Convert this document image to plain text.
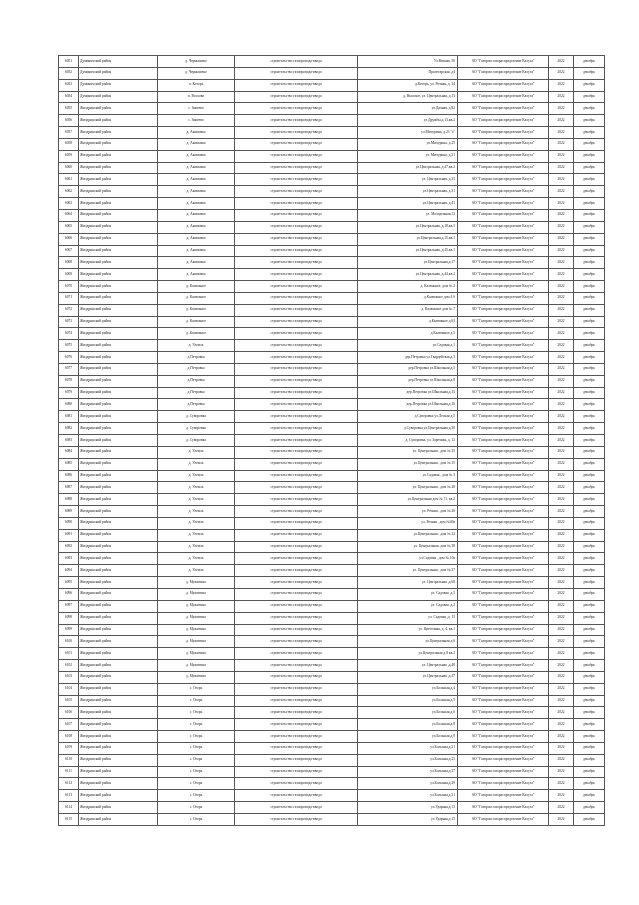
6051	Думиничский район	д. Чернышено	строительство газопровода-ввода	Ул.Вишни, 50	АО "Газпром газораспределение Калуга"	2022	декабрь
6052	Думиничский район	д. Чернышено	строительство газопровода-ввода	Пролетарская ,д4	АО "Газпром газораспределение Калуга"	2022	декабрь
6053	Думиничский район	п. Которь	строительство газопровода-ввода	д.Которь, ул. Речная, д. 34	АО "Газпром газораспределение Калуга"	2022	декабрь
6054	Думиничский район	п. Восхово	строительство газопровода-ввода	д. Высокое, ул. Центральная, д.13	АО "Газпром газораспределение Калуга"	2022	декабрь
6055	Жиздринский район	с. Зикеево	строительство газопровода-ввода	ул.Дачная, д.82	АО "Газпром газораспределение Калуга"	2022	декабрь
6056	Жиздринский район	с. Зикеево	строительство газопровода-ввода	ул.Дружбы,д.13,кв.2	АО "Газпром газораспределение Калуга"	2022	декабрь
6057	Жиздринский район	д. Акимовка	строительство газопровода-ввода	ул.Мичурина, д.23 "а"	АО "Газпром газораспределение Калуга"	2022	декабрь
6058	Жиздринский район	д. Акимовка	строительство газопровода-ввода	ул.Мичурина, д.25	АО "Газпром газораспределение Калуга"	2022	декабрь
6059	Жиздринский район	д. Акимовка	строительство газопровода-ввода	ул. Мичурина, д.31	АО "Газпром газораспределение Калуга"	2022	декабрь
6060	Жиздринский район	д. Акимовка	строительство газопровода-ввода	ул.Центральная, д.47,кв.2	АО "Газпром газораспределение Калуга"	2022	декабрь
6061	Жиздринский район	д. Акимовка	строительство газопровода-ввода	ул. Центральная, д.33	АО "Газпром газораспределение Калуга"	2022	декабрь
6062	Жиздринский район	д. Акимовка	строительство газопровода-ввода	ул.Центральная, д.31	АО "Газпром газораспределение Калуга"	2022	декабрь
6063	Жиздринский район	д. Акимовка	строительство газопровода-ввода	ул.Центральная, д.41	АО "Газпром газораспределение Калуга"	2022	декабрь
6064	Жиздринский район	д. Акимовка	строительство газопровода-ввода	ул. Молодежная,13	АО "Газпром газораспределение Калуга"	2022	декабрь
6065	Жиздринский район	д. Акимовка	строительство газопровода-ввода	ул.Центральная, д.18,кв.3	АО "Газпром газораспределение Калуга"	2022	декабрь
6066	Жиздринский район	д. Акимовка	строительство газопровода-ввода	ул.Центральная,д.15,кв.1	АО "Газпром газораспределение Калуга"	2022	декабрь
6067	Жиздринский район	д. Акимовка	строительство газопровода-ввода	ул.Центральная, д.45,кв.1	АО "Газпром газораспределение Калуга"	2022	декабрь
6068	Жиздринский район	д. Акимовка	строительство газопровода-ввода	ул.Центральная,д.17	АО "Газпром газораспределение Калуга"	2022	декабрь
6069	Жиздринский район	д. Акимовка	строительство газопровода-ввода	ул.Центральная, д.44,кв.2	АО "Газпром газораспределение Калуга"	2022	декабрь
6070	Жиздринский район	д. Калюжное	строительство газопровода-ввода	д. Калюжное, дом № 2	АО "Газпром газораспределение Калуга"	2022	декабрь
6071	Жиздринский район	д. Калюжное	строительство газопровода-ввода	д.Калюжное дом 4 б	АО "Газпром газораспределение Калуга"	2022	декабрь
6072	Жиздринский район	д. Калюжное	строительство газопровода-ввода	д. Калюжное дом № 7	АО "Газпром газораспределение Калуга"	2022	декабрь
6073	Жиздринский район	д. Калюжное	строительство газопровода-ввода	д.Калюжное д.63	АО "Газпром газораспределение Калуга"	2022	декабрь
6074	Жиздринский район	д. Калюжное	строительство газопровода-ввода	д.Калюжное д.5	АО "Газпром газораспределение Калуга"	2022	декабрь
6075	Жиздринский район	д. Улемль	строительство газопровода-ввода	ул.Садовая д.1	АО "Газпром газораспределение Калуга"	2022	декабрь
6076	Жиздринский район	д.Петровка	строительство газопровода-ввода	дер.Петровка ул.Гвардейская,д.1	АО "Газпром газораспределение Калуга"	2022	декабрь
6077	Жиздринский район	д.Петровка	строительство газопровода-ввода	дер.Петровка ул.Школьная,д.3	АО "Газпром газораспределение Калуга"	2022	декабрь
6078	Жиздринский район	д.Петровка	строительство газопровода-ввода	дер.Петровка ул.Школьная,д.8	АО "Газпром газораспределение Калуга"	2022	декабрь
6079	Жиздринский район	д.Петровка	строительство газопровода-ввода	дер.Петровка ул.Школьная,д.15	АО "Газпром газораспределение Калуга"	2022	декабрь
6080	Жиздринский район	д.Петровка	строительство газопровода-ввода	дер.Петровка ул.Школьная,д.16	АО "Газпром газораспределение Калуга"	2022	декабрь
6081	Жиздринский район	д. Суворовка	строительство газопровода-ввода	д.Суворовка ул.Лесная д.5	АО "Газпром газораспределение Калуга"	2022	декабрь
6082	Жиздринский район	д. Суворовка	строительство газопровода-ввода	д.Суворовка ул.Центральная д.50	АО "Газпром газораспределение Калуга"	2022	декабрь
6083	Жиздринский район	д. Суворовка	строительство газопровода-ввода	д. Суворовка, ул. Заречная, д. 12	АО "Газпром газораспределение Калуга"	2022	декабрь
6084	Жиздринский район	д. Улемль	строительство газопровода-ввода	ул. Центральная , дом № 35	АО "Газпром газораспределение Калуга"	2022	декабрь
6085	Жиздринский район	д. Улемль	строительство газопровода-ввода	ул.Центральная , дом № 15	АО "Газпром газораспределение Калуга"	2022	декабрь
6086	Жиздринский район	д. Улемль	строительство газопровода-ввода	ул.Садовая , дом № 3	АО "Газпром газораспределение Калуга"	2022	декабрь
6087	Жиздринский район	д. Улемль	строительство газопровода-ввода	ул. Центральная , дом № 28	АО "Газпром газораспределение Калуга"	2022	декабрь
6088	Жиздринский район	д. Улемль	строительство газопровода-ввода	ул.Центральная дом № 11, кв.2	АО "Газпром газораспределение Калуга"	2022	декабрь
6089	Жиздринский район	д. Улемль	строительство газопровода-ввода	ул. Речная , дом № 26	АО "Газпром газораспределение Калуга"	2022	декабрь
6090	Жиздринский район	д. Улемль	строительство газопровода-ввода	ул. Речная , дом №40а	АО "Газпром газораспределение Калуга"	2022	декабрь
6091	Жиздринский район	д. Улемль	строительство газопровода-ввода	ул.Центральная , дом № 22	АО "Газпром газораспределение Калуга"	2022	декабрь
6092	Жиздринский район	д. Улемль	строительство газопровода-ввода	ул. Центральная, дом № 38	АО "Газпром газораспределение Калуга"	2022	декабрь
6093	Жиздринский район	д. Улемль	строительство газопровода-ввода	ул.Садовая , дом № 10а	АО "Газпром газораспределение Калуга"	2022	декабрь
6094	Жиздринский район	д. Улемль	строительство газопровода-ввода	ул. Центральная , дом № 37	АО "Газпром газораспределение Калуга"	2022	декабрь
6095	Жиздринский район	д. Мужитино	строительство газопровода-ввода	ул. Центральная ,д.68	АО "Газпром газораспределение Калуга"	2022	декабрь
6096	Жиздринский район	д. Мужитино	строительство газопровода-ввода	ул. Садовая ,д.5	АО "Газпром газораспределение Калуга"	2022	декабрь
6097	Жиздринский район	д. Мужитино	строительство газопровода-ввода	ул. Садовая ,д.2	АО "Газпром газораспределение Калуга"	2022	декабрь
6098	Жиздринский район	д. Мужитино	строительство газопровода-ввода	ул. Садовая ,д. 13	АО "Газпром газораспределение Калуга"	2022	декабрь
6099	Жиздринский район	д. Мужитино	строительство газопровода-ввода	ул. Цветочная, д. 4, кв.1	АО "Газпром газораспределение Калуга"	2022	декабрь
6100	Жиздринский район	д. Мужитино	строительство газопровода-ввода	ул.Центральная д.6	АО "Газпром газораспределение Калуга"	2022	декабрь
6101	Жиздринский район	д. Мужитино	строительство газопровода-ввода	ул.Центральная д.8 кв.2	АО "Газпром газораспределение Калуга"	2022	декабрь
6102	Жиздринский район	д. Мужитино	строительство газопровода-ввода	ул. Центральная ,д.48	АО "Газпром газораспределение Калуга"	2022	декабрь
6103	Жиздринский район	д. Мужитино	строительство газопровода-ввода	ул.Центральная ,д.47	АО "Газпром газораспределение Калуга"	2022	декабрь
6104	Жиздринский район	с. Огорь	строительство газопровода-ввода	ул.Большая,д.4	АО "Газпром газораспределение Калуга"	2022	декабрь
6105	Жиздринский район	с. Огорь	строительство газопровода-ввода	ул.Большая,д.5	АО "Газпром газораспределение Калуга"	2022	декабрь
6106	Жиздринский район	с. Огорь	строительство газопровода-ввода	ул.Большая,д.6	АО "Газпром газораспределение Калуга"	2022	декабрь
6107	Жиздринский район	с. Огорь	строительство газопровода-ввода	ул.Большая,д.8	АО "Газпром газораспределение Калуга"	2022	декабрь
6108	Жиздринский район	с. Огорь	строительство газопровода-ввода	ул.Большая,д.9	АО "Газпром газораспределение Калуга"	2022	декабрь
6109	Жиздринский район	с. Огорь	строительство газопровода-ввода	ул.Большая,д.21	АО "Газпром газораспределение Калуга"	2022	декабрь
6110	Жиздринский район	с. Огорь	строительство газопровода-ввода	ул.Большая,д.23	АО "Газпром газораспределение Калуга"	2022	декабрь
6111	Жиздринский район	с. Огорь	строительство газопровода-ввода	ул.Большая,д.27	АО "Газпром газораспределение Калуга"	2022	декабрь
6112	Жиздринский район	с. Огорь	строительство газопровода-ввода	ул.Большая,д.29	АО "Газпром газораспределение Калуга"	2022	декабрь
6113	Жиздринский район	с. Огорь	строительство газопровода-ввода	ул.Большая,д.31	АО "Газпром газораспределение Калуга"	2022	декабрь
6114	Жиздринский район	с. Огорь	строительство газопровода-ввода	ул.Ударная,д.13	АО "Газпром газораспределение Калуга"	2022	декабрь
6115	Жиздринский район	с. Огорь	строительство газопровода-ввода	ул.Ударная,д.15	АО "Газпром газораспределение Калуга"	2022	декабрь
